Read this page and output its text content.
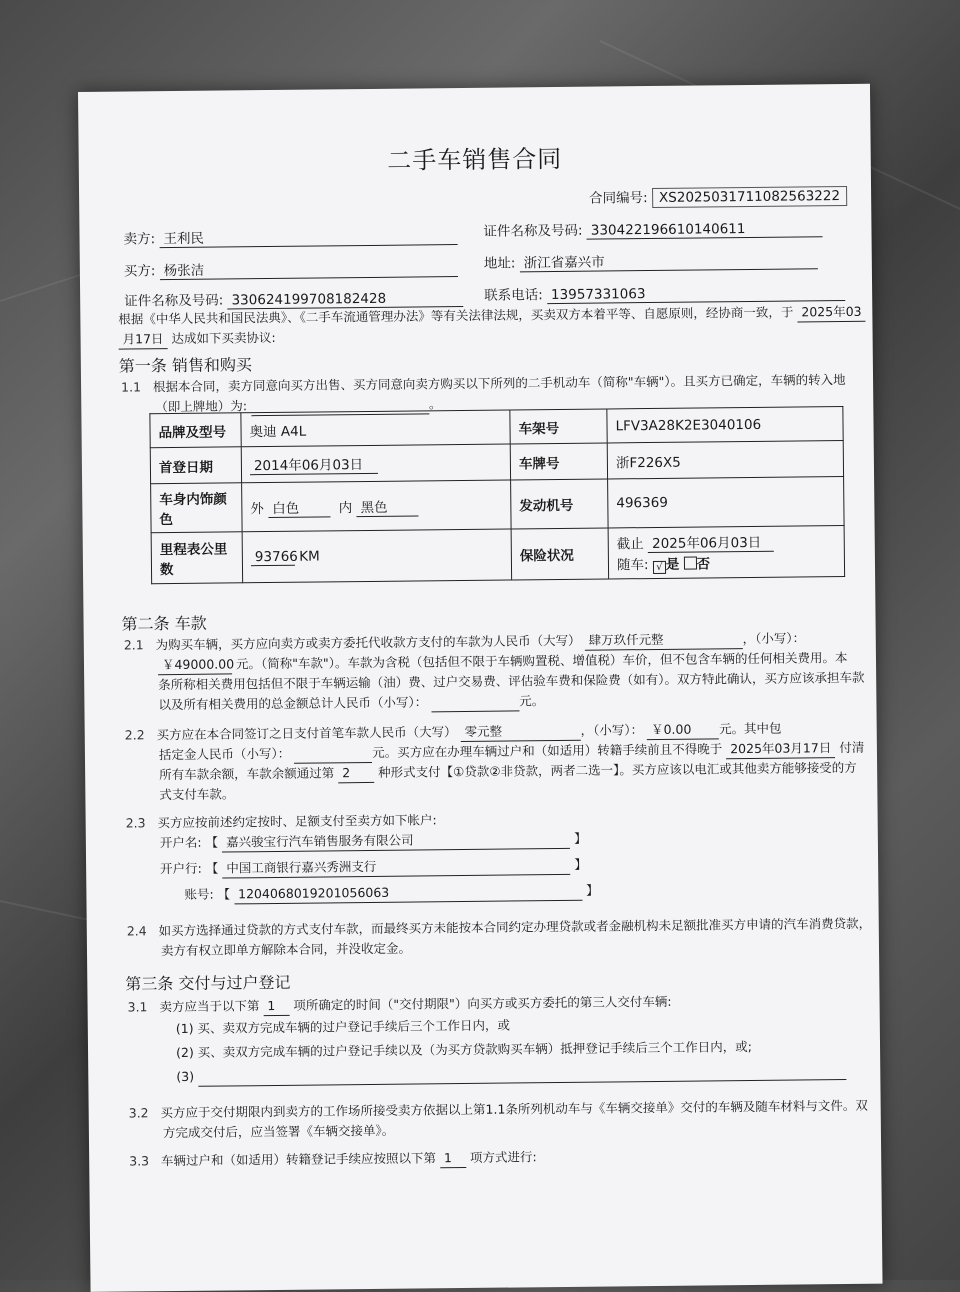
二手车销售合同
合同编号: XS2025031711082563222
卖方: 王利民	证件名称及号码: 330422196610140611
买方: 杨张洁	地址: 浙江省嘉兴市
证件名称及号码: 330624199708182428	联系电话: 13957331063
根据《中华人民共和国民法典》、《二手车流通管理办法》等有关法律法规，买卖双方本着平等、自愿原则，经协商一致，于 2025年03
月17日 达成如下买卖协议:
第一条 销售和购买
1.1 根据本合同，卖方同意向买方出售、买方同意向卖方购买以下所列的二手机动车（简称"车辆"）。且买方已确定，车辆的转入地
（即上牌地）为:	。
品牌及型号	奥迪 A4L	车架号	LFV3A28K2E3040106
首登日期	2014年06月03日	车牌号	浙F226X5
车身内饰颜色	外 白色 内 黑色	发动机号	496369
里程表公里数	93766 KM	保险状况	截止 2025年06月03日
随车: √ 是 否
第二条 车款
2.1 为购买车辆，买方应向卖方或卖方委托代收款方支付的车款为人民币（大写） 肆万玖仟元整	，（小写）：
￥49000.00 元。（简称"车款"）。车款为含税（包括但不限于车辆购置税、增值税）车价，但不包含车辆的任何相关费用。本
条所称相关费用包括但不限于车辆运输（油）费、过户交易费、评估验车费和保险费（如有）。双方特此确认，买方应该承担车款
以及所有相关费用的总金额总计人民币（小写）：	元。
2.2 买方应在本合同签订之日支付首笔车款人民币（大写） 零元整	，（小写）： ￥0.00 元。其中包
括定金人民币（小写）：	元。买方应在办理车辆过户和（如适用）转籍手续前且不得晚于 2025年03月17日 付清
所有车款余额，车款余额通过第 2 种形式支付【①贷款②非贷款，两者二选一】。买方应该以电汇或其他卖方能够接受的方
式支付车款。
2.3 买方应按前述约定按时、足额支付至卖方如下帐户:
开户名: 【 嘉兴骏宝行汽车销售服务有限公司	】
开户行: 【 中国工商银行嘉兴秀洲支行	】
账号: 【 1204068019201056063	】
2.4 如买方选择通过贷款的方式支付车款，而最终买方未能按本合同约定办理贷款或者金融机构未足额批准买方申请的汽车消费贷款，
卖方有权立即单方解除本合同，并没收定金。
第三条 交付与过户登记
3.1 卖方应当于以下第 1 项所确定的时间（"交付期限"）向买方或买方委托的第三人交付车辆:
(1) 买、卖双方完成车辆的过户登记手续后三个工作日内，或
(2) 买、卖双方完成车辆的过户登记手续以及（为买方贷款购买车辆）抵押登记手续后三个工作日内，或;
(3)
3.2 买方应于交付期限内到卖方的工作场所接受卖方依据以上第1.1条所列机动车与《车辆交接单》交付的车辆及随车材料与文件。双
方完成交付后，应当签署《车辆交接单》。
3.3 车辆过户和（如适用）转籍登记手续应按照以下第 1 项方式进行:
